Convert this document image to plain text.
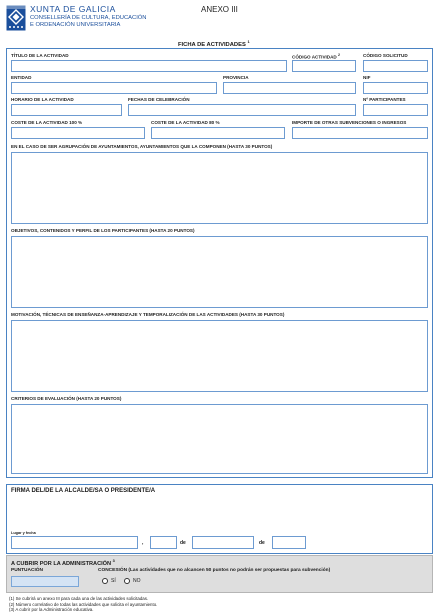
XUNTA DE GALICIA
CONSELLERÍA DE CULTURA, EDUCACIÓN
E ORDENACIÓN UNIVERSITARIA
ANEXO III
FICHA DE ACTIVIDADES $^1$
TÍTULO DE LA ACTIVIDAD	CÓDIGO ACTIVIDAD $^2$	CÓDIGO SOLICITUD
ENTIDAD	PROVINCIA	NIF
HORARIO DE LA ACTIVIDAD	FECHAS DE CELEBRACIÓN	Nº PARTICIPANTES
COSTE DE LA ACTIVIDAD 100 %	COSTE DE LA ACTIVIDAD 80 %	IMPORTE DE OTRAS SUBVENCIONES O INGRESOS
EN EL CASO DE SER AGRUPACIÓN DE AYUNTAMIENTOS, AYUNTAMIENTOS QUE LA COMPONEN (HASTA 30 PUNTOS)
OBJETIVOS, CONTENIDOS Y PERFIL DE LOS PARTICIPANTES (HASTA 20 PUNTOS)
MOTIVACIÓN, TÉCNICAS DE ENSEÑANZA-APRENDIZAJE Y TEMPORALIZACIÓN DE LAS ACTIVIDADES (HASTA 30 PUNTOS)
CRITERIOS DE EVALUACIÓN (HASTA 20 PUNTOS)
FIRMA DEL/DE LA ALCALDE/SA O PRESIDENTE/A
Lugar y fecha
,	de	de
A CUBRIR POR LA ADMINISTRACIÓN $^3$
PUNTUACIÓN	CONCESIÓN (Las actividades que no alcancen 50 puntos no podrán ser propuestas para subvención)
SÍ	NO
(1) Se cubrirá un anexo III para cada una de las actividades solicitadas.
(2) Número correlativo de todas las actividades que solicita el ayuntamiento.
(3) A cubrir por la Administración educativa.
